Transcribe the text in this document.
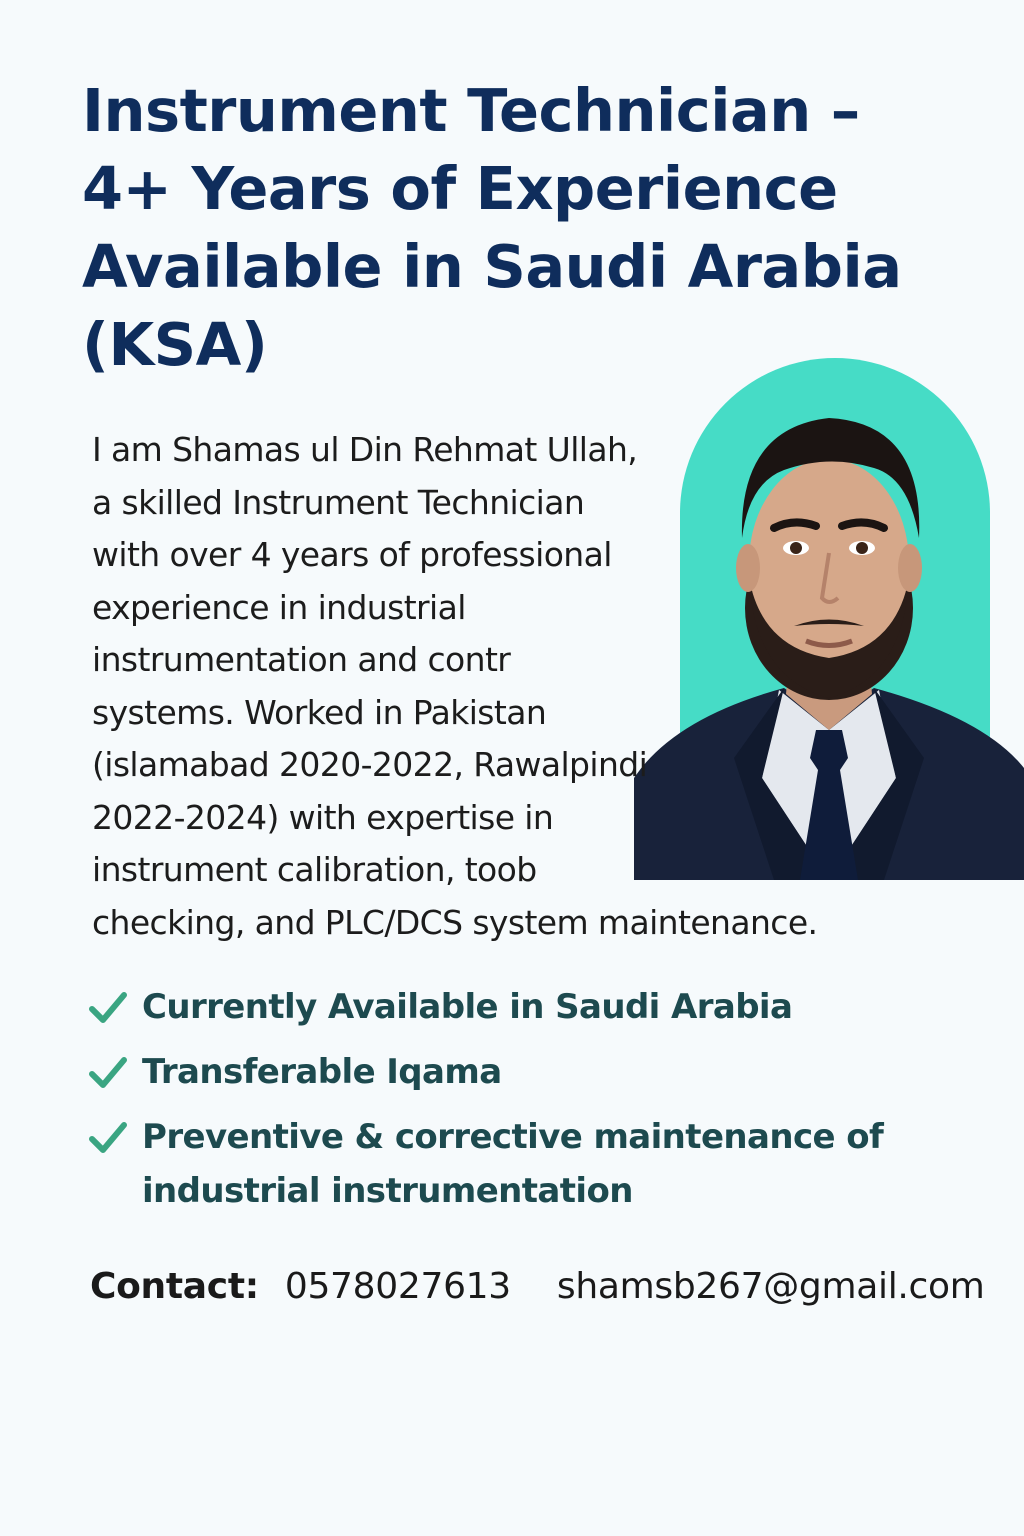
Instrument Technician –
4+ Years of Experience
Available in Saudi Arabia
(KSA)

I am Shamas ul Din Rehmat Ullah,
a skilled Instrument Technician
with over 4 years of professional
experience in industrial
instrumentation and contr
systems. Worked in Pakistan
(islamabad 2020-2022, Rawalpindi
2022-2024) with expertise in
instrument calibration, toob
checking, and PLC/DCS system maintenance.

Currently Available in Saudi Arabia
Transferable Iqama
Preventive & corrective maintenance of
industrial instrumentation
Contact: 0578027613 shamsb267@gmail.com
